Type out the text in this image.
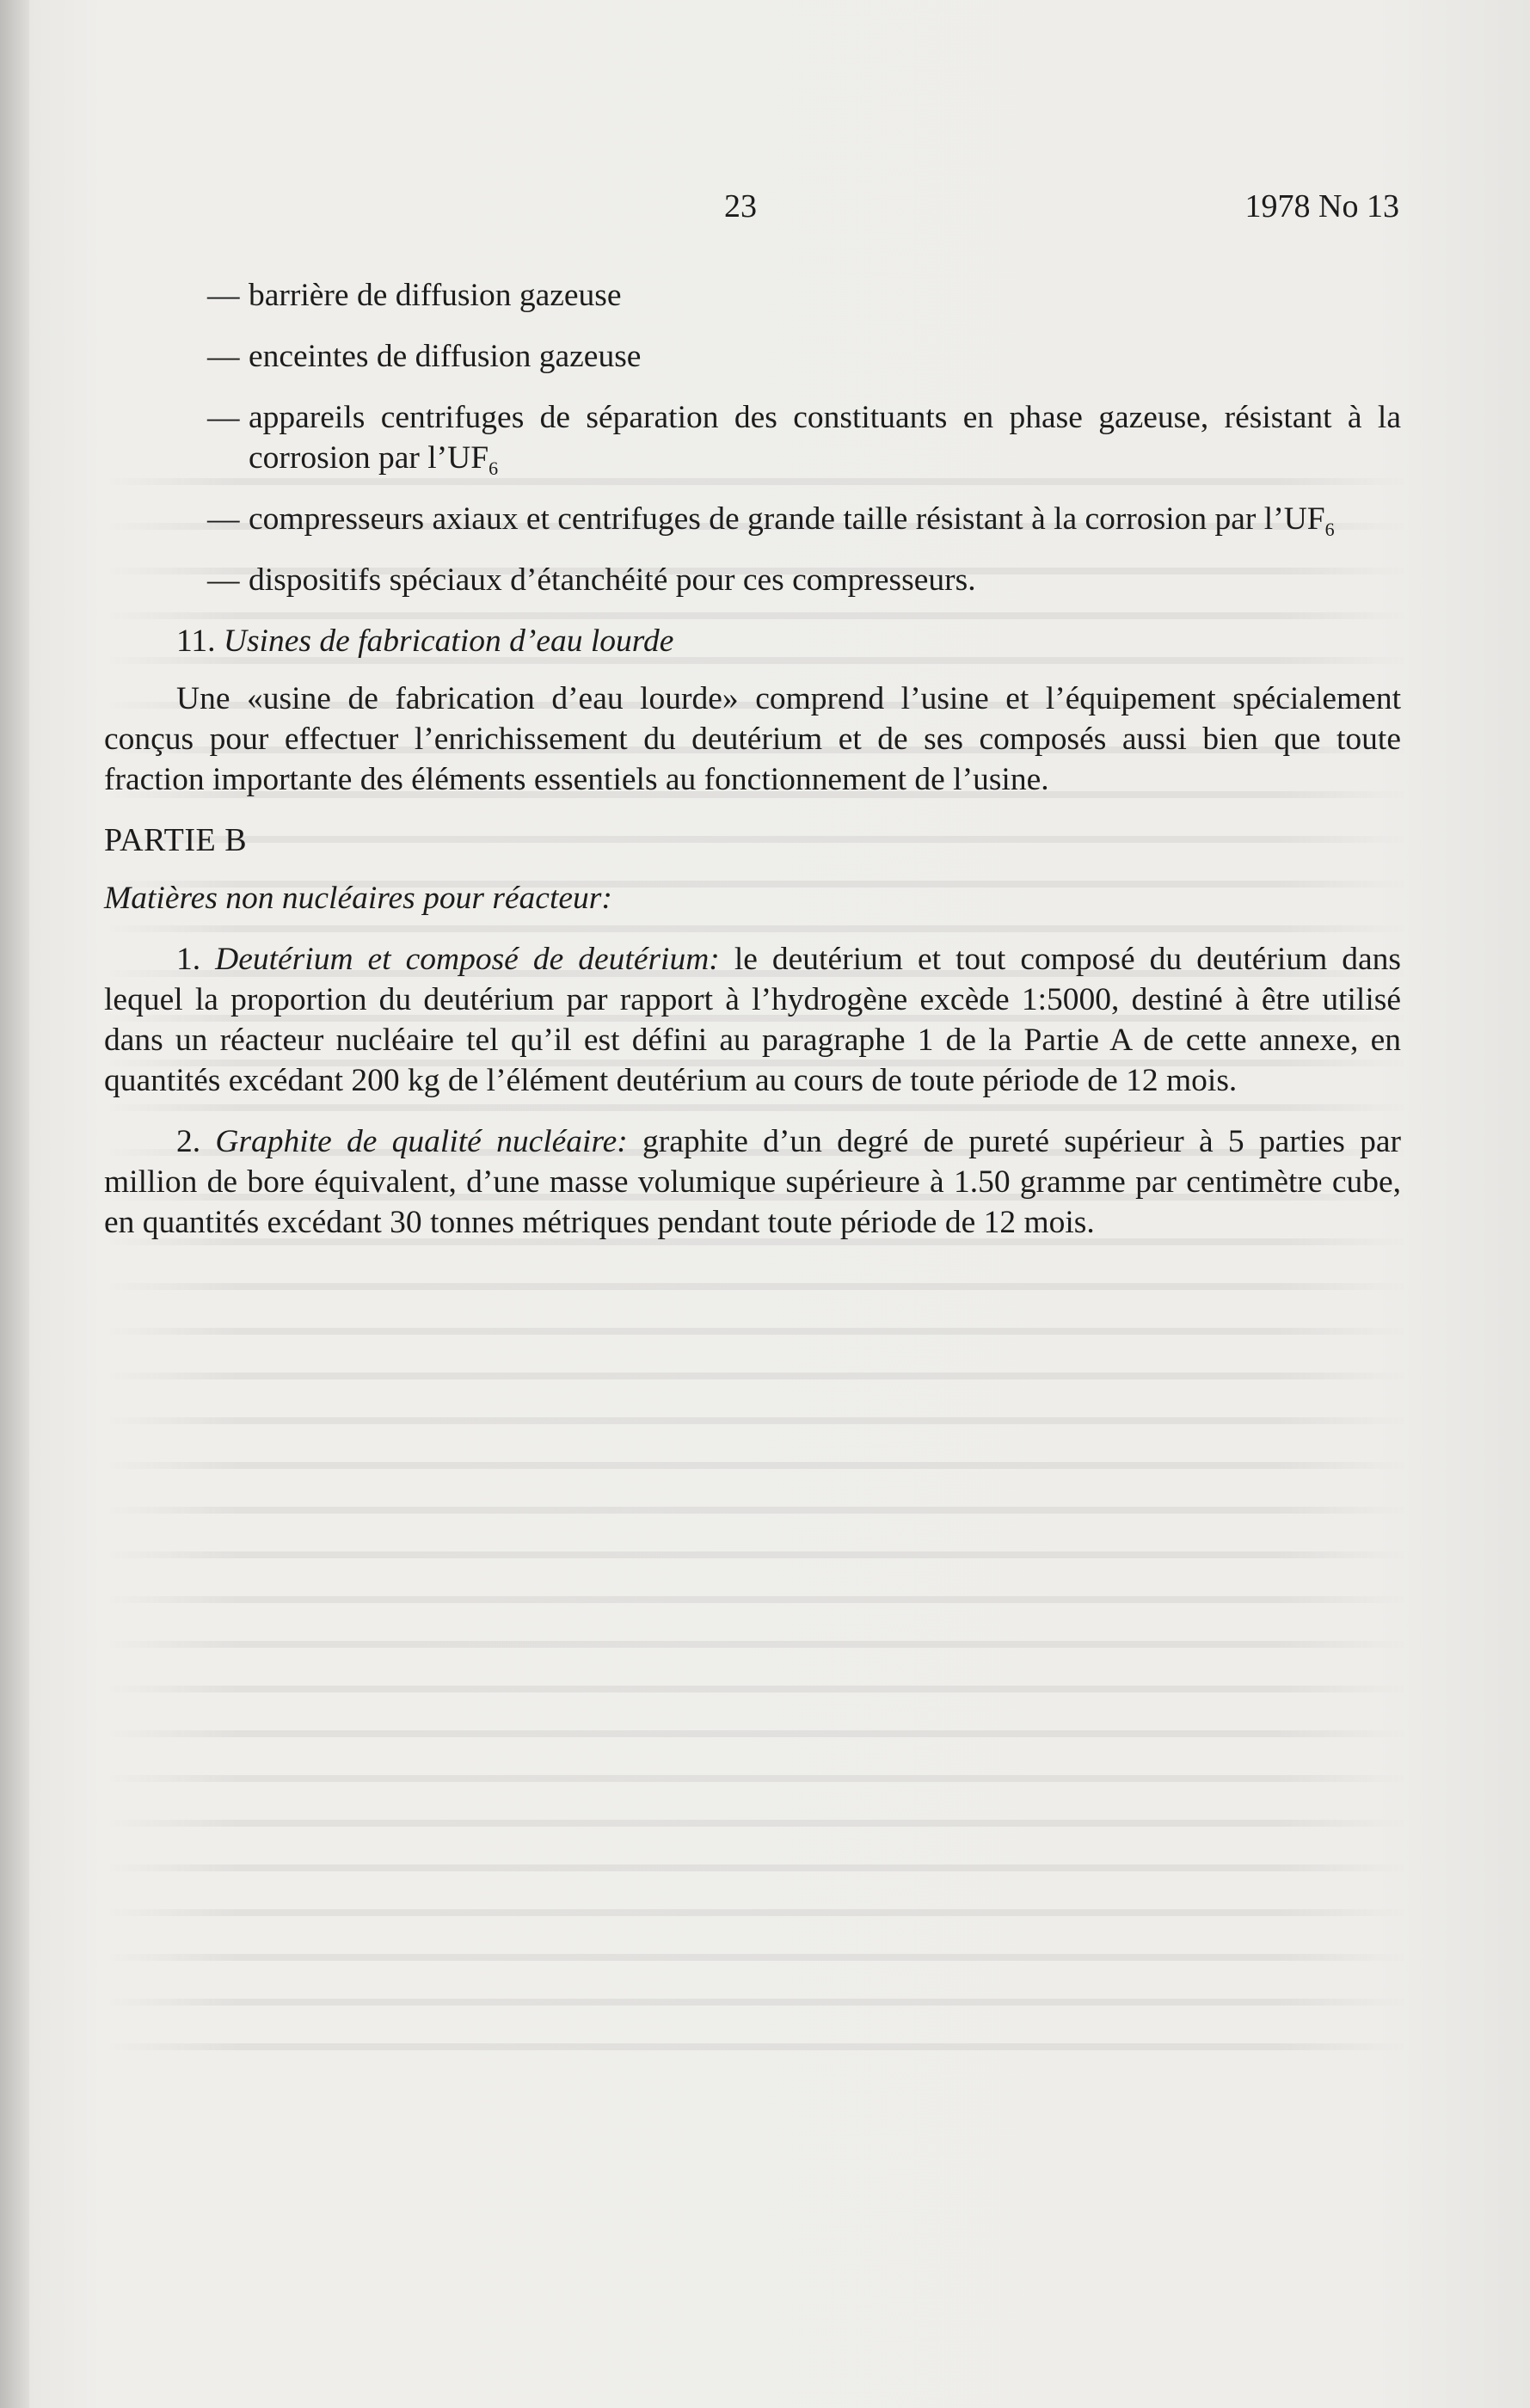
23	1978 No 13
— barrière de diffusion gazeuse

— enceintes de diffusion gazeuse

— appareils centrifuges de séparation des constituants en phase gazeuse, résistant à la corrosion par $l’UF_6$

— compresseurs axiaux et centrifuges de grande taille résistant à la corrosion par $l’UF_6$

— dispositifs spéciaux d’étanchéité pour ces compresseurs.

11. Usines de fabrication d’eau lourde

Une «usine de fabrication d’eau lourde» comprend l’usine et l’équipement spécialement conçus pour effectuer l’enrichissement du deutérium et de ses composés aussi bien que toute fraction importante des éléments essentiels au fonctionnement de l’usine.

PARTIE B
Matières non nucléaires pour réacteur:

1. Deutérium et composé de deutérium: le deutérium et tout composé du deutérium dans lequel la proportion du deutérium par rapport à l’hydrogène excède 1:5000, destiné à être utilisé dans un réacteur nucléaire tel qu’il est défini au paragraphe 1 de la Partie A de cette annexe, en quantités excédant 200 kg de l’élément deutérium au cours de toute période de 12 mois.

2. Graphite de qualité nucléaire: graphite d’un degré de pureté supérieur à 5 parties par million de bore équivalent, d’une masse volumique supérieure à 1.50 gramme par centimètre cube, en quantités excédant 30 tonnes métriques pendant toute période de 12 mois.
